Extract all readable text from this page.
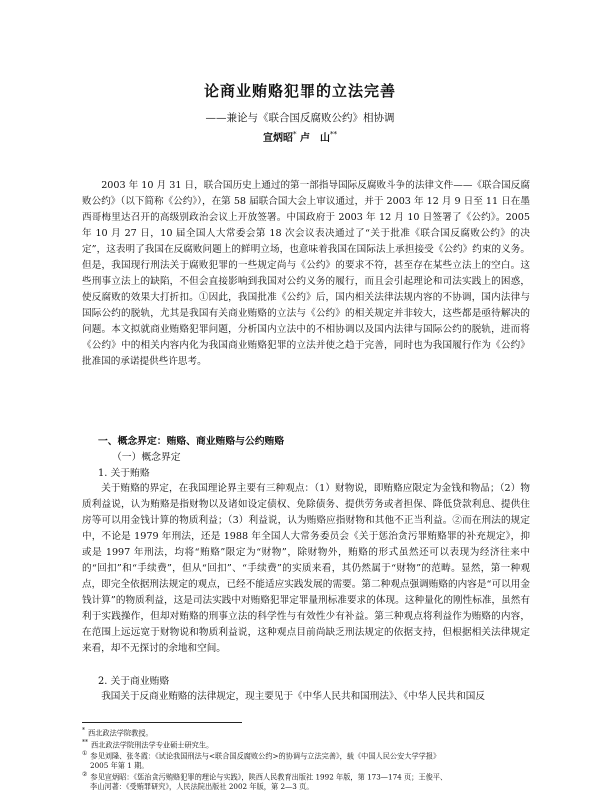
论商业贿赂犯罪的立法完善
——兼论与《联合国反腐败公约》相协调
宣炳昭* 卢　山**
2003 年 10 月 31 日，联合国历史上通过的第一部指导国际反腐败斗争的法律文件——《联合国反腐败公约》（以下简称《公约》），在第 58 届联合国大会上审议通过，并于 2003 年 12 月 9 日至 11 日在墨西哥梅里达召开的高级别政治会议上开放签署。中国政府于 2003 年 12 月 10 日签署了《公约》。2005 年 10 月 27 日，10 届全国人大常委会第 18 次会议表决通过了“关于批准《联合国反腐败公约》的决定”，这表明了我国在反腐败问题上的鲜明立场，也意味着我国在国际法上承担接受《公约》约束的义务。但是，我国现行刑法关于腐败犯罪的一些规定尚与《公约》的要求不符，甚至存在某些立法上的空白。这些刑事立法上的缺陷，不但会直接影响到我国对公约义务的履行，而且会引起理论和司法实践上的困惑，使反腐败的效果大打折扣。①因此，我国批准《公约》后，国内相关法律法规内容的不协调，国内法律与国际公约的脱轨，尤其是我国有关商业贿赂的立法与《公约》的相关规定并非较大，这些都是亟待解决的问题。本文拟就商业贿赂犯罪问题，分析国内立法中的不相协调以及国内法律与国际公约的脱轨，进而将《公约》中的相关内容内化为我国商业贿赂犯罪的立法并使之趋于完善，同时也为我国履行作为《公约》批准国的承诺提供些许思考。
一、概念界定：贿赂、商业贿赂与公约贿赂
（一）概念界定
1. 关于贿赂
关于贿赂的界定，在我国理论界主要有三种观点：（1）财物说，即贿赂应限定为金钱和物品；（2）物质利益说，认为贿赂是指财物以及诸如设定债权、免除债务、提供劳务或者担保、降低贷款利息、提供住房等可以用金钱计算的物质利益；（3）利益说，认为贿赂应指财物和其他不正当利益。②而在刑法的规定中，不论是 1979 年刑法，还是 1988 年全国人大常务委员会《关于惩治贪污罪贿赂罪的补充规定》，抑或是 1997 年刑法，均将“贿赂”限定为“财物”，除财物外，贿赂的形式虽然还可以表现为经济往来中的“回扣”和“手续费”，但从“回扣”、“手续费”的实质来看，其仍然属于“财物”的范畴。显然，第一种观点，即完全依据刑法规定的观点，已经不能适应实践发展的需要。第二种观点强调贿赂的内容是“可以用金钱计算”的物质利益，这是司法实践中对贿赂犯罪定罪量刑标准要求的体现。这种量化的刚性标准，虽然有利于实践操作，但却对贿赂的刑事立法的科学性与有效性少有补益。第三种观点将利益作为贿赂的内容，在范围上远远宽于财物说和物质利益说，这种观点目前尚缺乏刑法规定的依据支持，但根据相关法律规定来看，却不无探讨的余地和空间。
2. 关于商业贿赂
我国关于反商业贿赂的法律规定，现主要见于《中华人民共和国刑法》、《中华人民共和国反

* 西北政法学院教授。

** 西北政法学院刑法学专业硕士研究生。

① 参见刘隆、张冬霞：《试论我国刑法与<联合国反腐败公约>的协调与立法完善》，载《中国人民公安大学学报》

2005 年第 1 期。

② 参见宣炳昭：《惩治贪污贿赂犯罪的理论与实践》，陕西人民教育出版社 1992 年版，第 173—174 页；王俊平、

李山河著：《受贿罪研究》，人民法院出版社 2002 年版，第 2—3 页。
